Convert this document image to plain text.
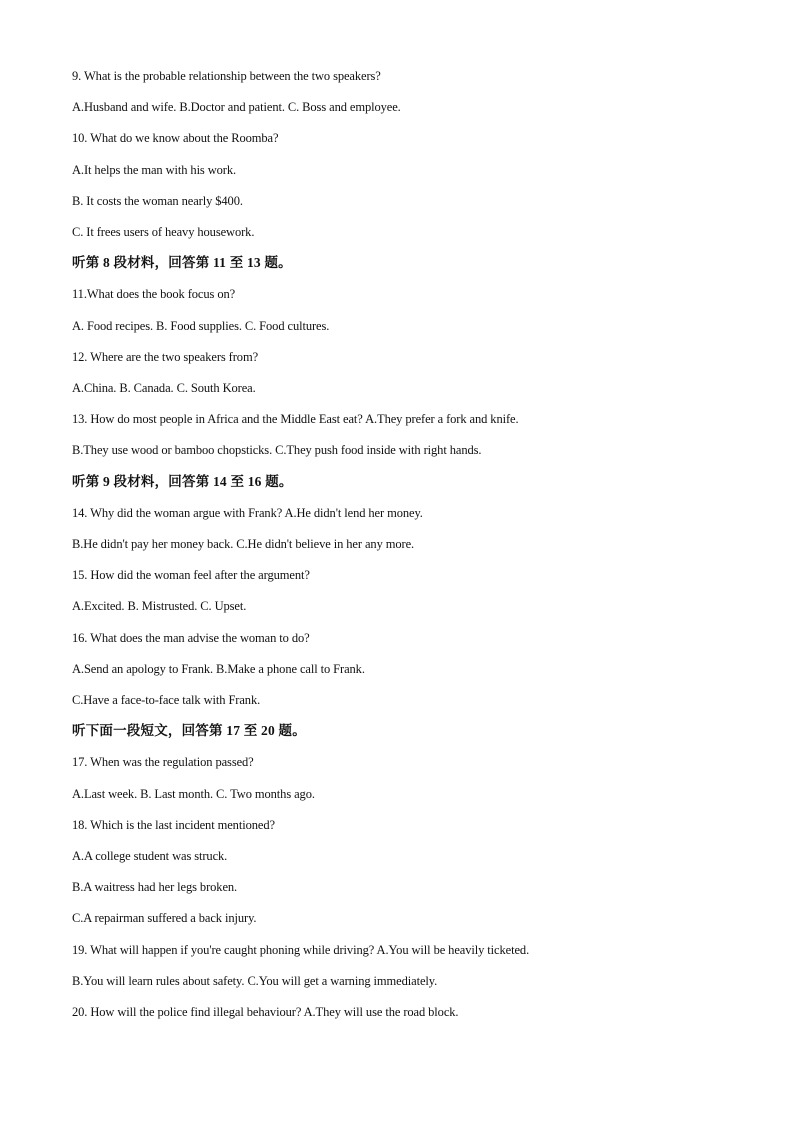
9. What is the probable relationship between the two speakers?
A.Husband and wife. B.Doctor and patient. C. Boss and employee.
10. What do we know about the Roomba?
A.It helps the man with his work.
B. It costs the woman nearly $400.
C. It frees users of heavy housework.
听第 8 段材料，回答第 11 至 13 题。
11.What does the book focus on?
A. Food recipes. B. Food supplies. C. Food cultures.
12. Where are the two speakers from?
A.China. B. Canada. C. South Korea.
13. How do most people in Africa and the Middle East eat? A.They prefer a fork and knife.
B.They use wood or bamboo chopsticks. C.They push food inside with right hands.
听第 9 段材料，回答第 14 至 16 题。
14. Why did the woman argue with Frank? A.He didn't lend her money.
B.He didn't pay her money back. C.He didn't believe in her any more.
15. How did the woman feel after the argument?
A.Excited. B. Mistrusted. C. Upset.
16. What does the man advise the woman to do?
A.Send an apology to Frank. B.Make a phone call to Frank.
C.Have a face-to-face talk with Frank.
听下面一段短文，回答第 17 至 20 题。
17. When was the regulation passed?
A.Last week. B. Last month. C. Two months ago.
18. Which is the last incident mentioned?
A.A college student was struck.
B.A waitress had her legs broken.
C.A repairman suffered a back injury.
19. What will happen if you're caught phoning while driving? A.You will be heavily ticketed.
B.You will learn rules about safety. C.You will get a warning immediately.
20. How will the police find illegal behaviour? A.They will use the road block.
